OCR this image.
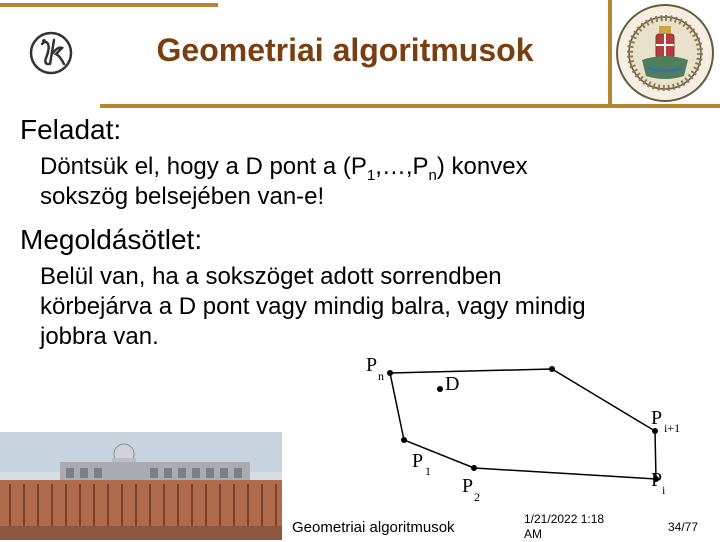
Geometriai algoritmusok
Feladat:
Döntsük el, hogy a D pont a $(P_1,\dots,P_n)$ konvex
sokszög belsejében van-e!
Megoldásötlet:
Belül van, ha a sokszöget adott sorrendben
körbejárva a D pont vagy mindig balra, vagy mindig
jobbra van.
P n	D
P i+1
P 1
P 2
P i
Geometriai algoritmusok	1/21/2022 1:18
AM	34/77
